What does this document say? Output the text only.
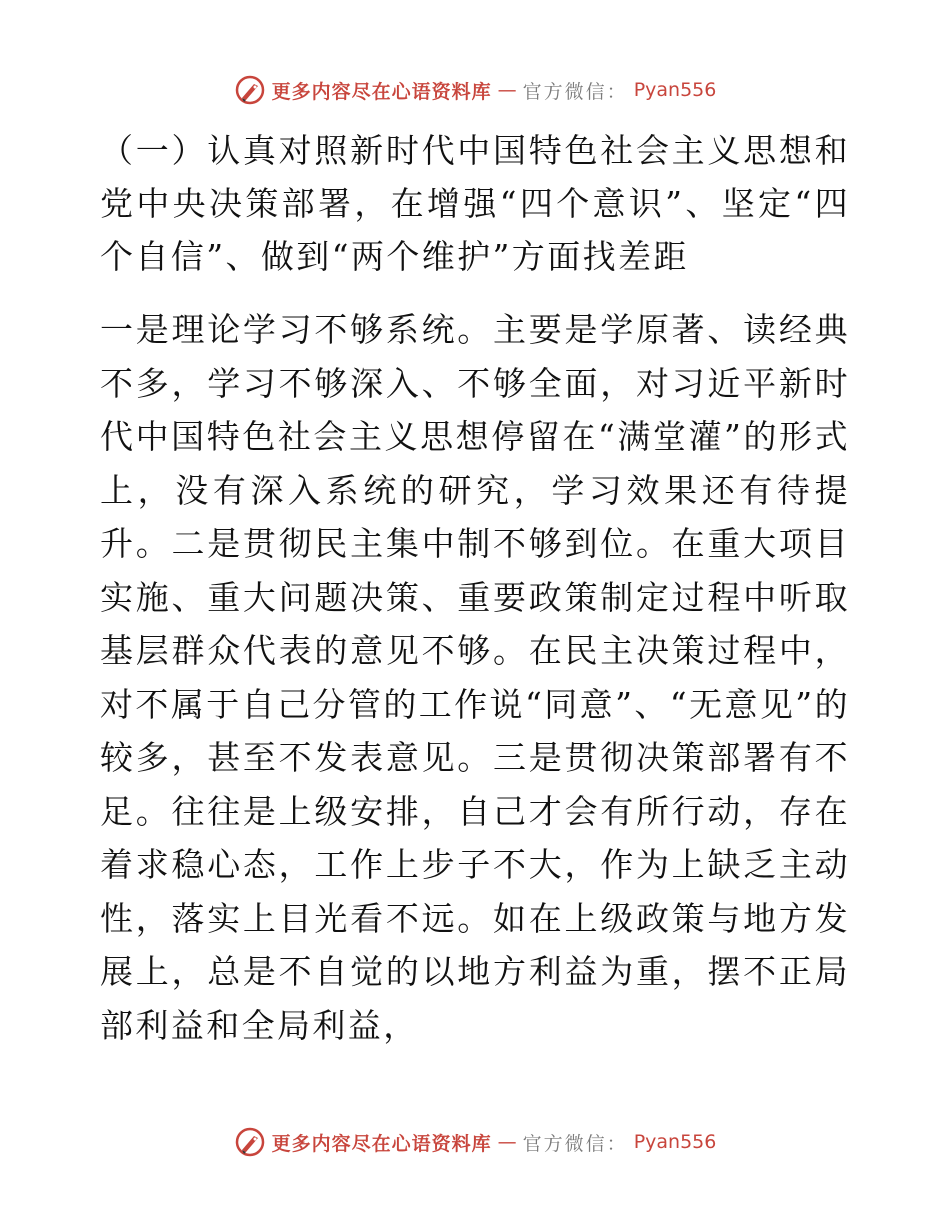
更多内容尽在心语资料库 — 官方微信： Pyan556

（一）认真对照新时代中国特色社会主义思想和党中央决策部署，在增强“四个意识”、坚定“四个自信”、做到“两个维护”方面找差距

一是理论学习不够系统。主要是学原著、读经典不多，学习不够深入、不够全面，对习近平新时代中国特色社会主义思想停留在“满堂灌”的形式上，没有深入系统的研究，学习效果还有待提升。二是贯彻民主集中制不够到位。在重大项目实施、重大问题决策、重要政策制定过程中听取基层群众代表的意见不够。在民主决策过程中，对不属于自己分管的工作说“同意”、“无意见”的较多，甚至不发表意见。三是贯彻决策部署有不足。往往是上级安排，自己才会有所行动，存在着求稳心态，工作上步子不大，作为上缺乏主动性，落实上目光看不远。如在上级政策与地方发展上，总是不自觉的以地方利益为重，摆不正局部利益和全局利益，

更多内容尽在心语资料库 — 官方微信： Pyan556
